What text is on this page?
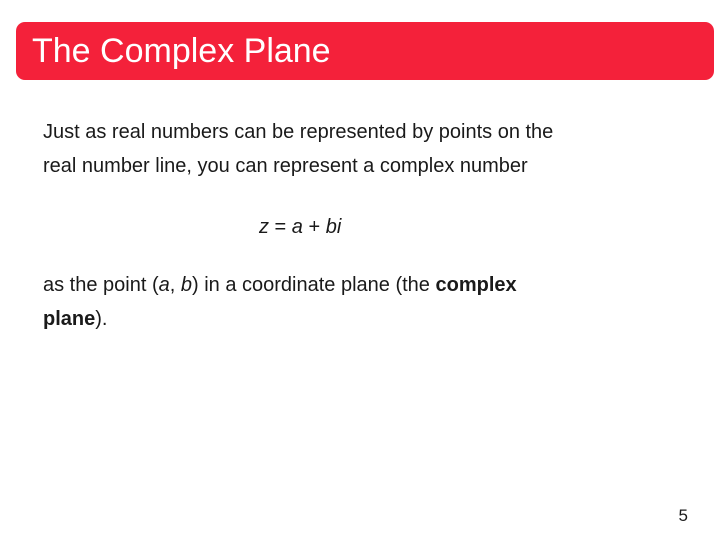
The Complex Plane

Just as real numbers can be represented by points on the
real number line, you can represent a complex number

z = a + bi

as the point (a, b) in a coordinate plane (the complex
plane).

5
